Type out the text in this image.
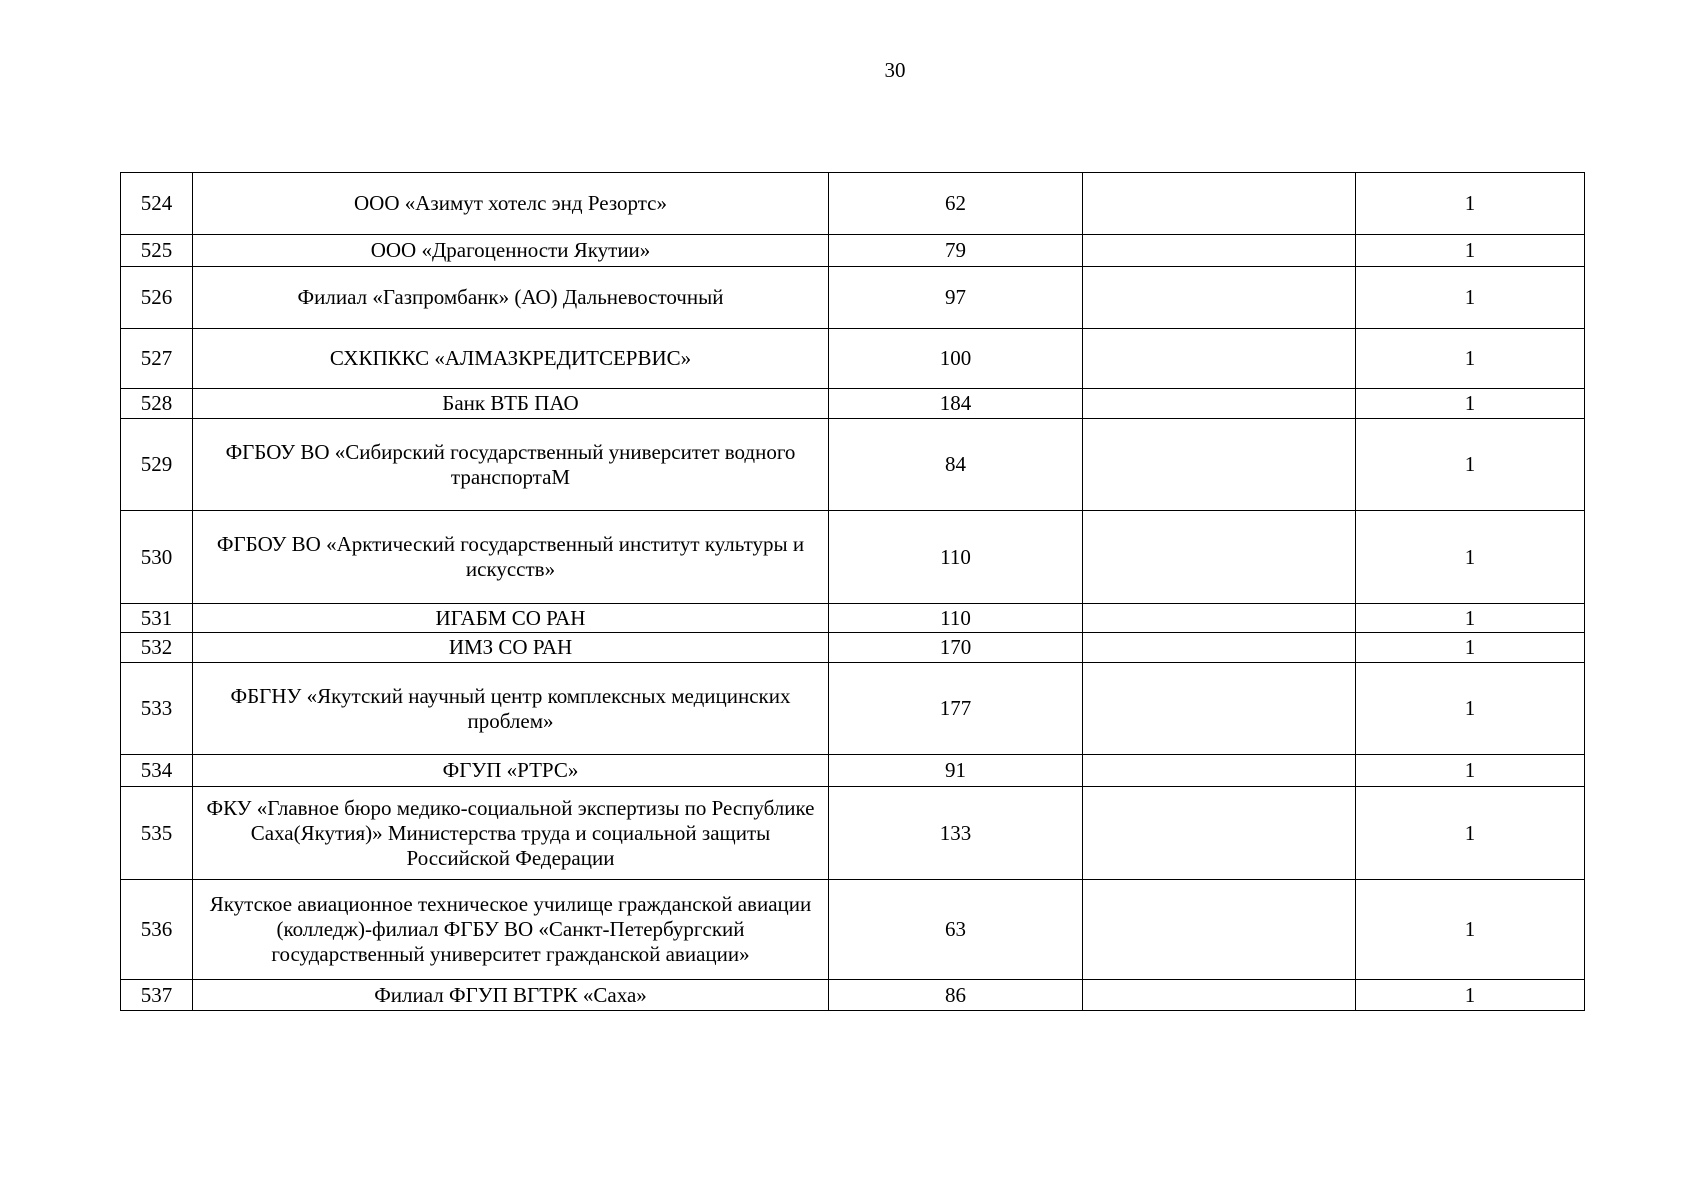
30
524	ООО «Азимут хотелс энд Резортс»	62		1
525	ООО «Драгоценности Якутии»	79		1
526	Филиал «Газпромбанк» (АО) Дальневосточный	97		1
527	СХКПККС «АЛМАЗКРЕДИТСЕРВИС»	100		1
528	Банк ВТБ ПАО	184		1
529	ФГБОУ ВО «Сибирский государственный университет водного транспортаМ	84		1
530	ФГБОУ ВО «Арктический государственный институт культуры и искусств»	110		1
531	ИГАБМ СО РАН	110		1
532	ИМЗ СО РАН	170		1
533	ФБГНУ «Якутский научный центр комплексных медицинских проблем»	177		1
534	ФГУП «РТРС»	91		1
535	ФКУ «Главное бюро медико-социальной экспертизы по Республике Саха(Якутия)» Министерства труда и социальной защиты Российской Федерации	133		1
536	Якутское авиационное техническое училище гражданской авиации (колледж)-филиал ФГБУ ВО «Санкт-Петербургский государственный университет гражданской авиации»	63		1
537	Филиал ФГУП ВГТРК «Саха»	86		1
